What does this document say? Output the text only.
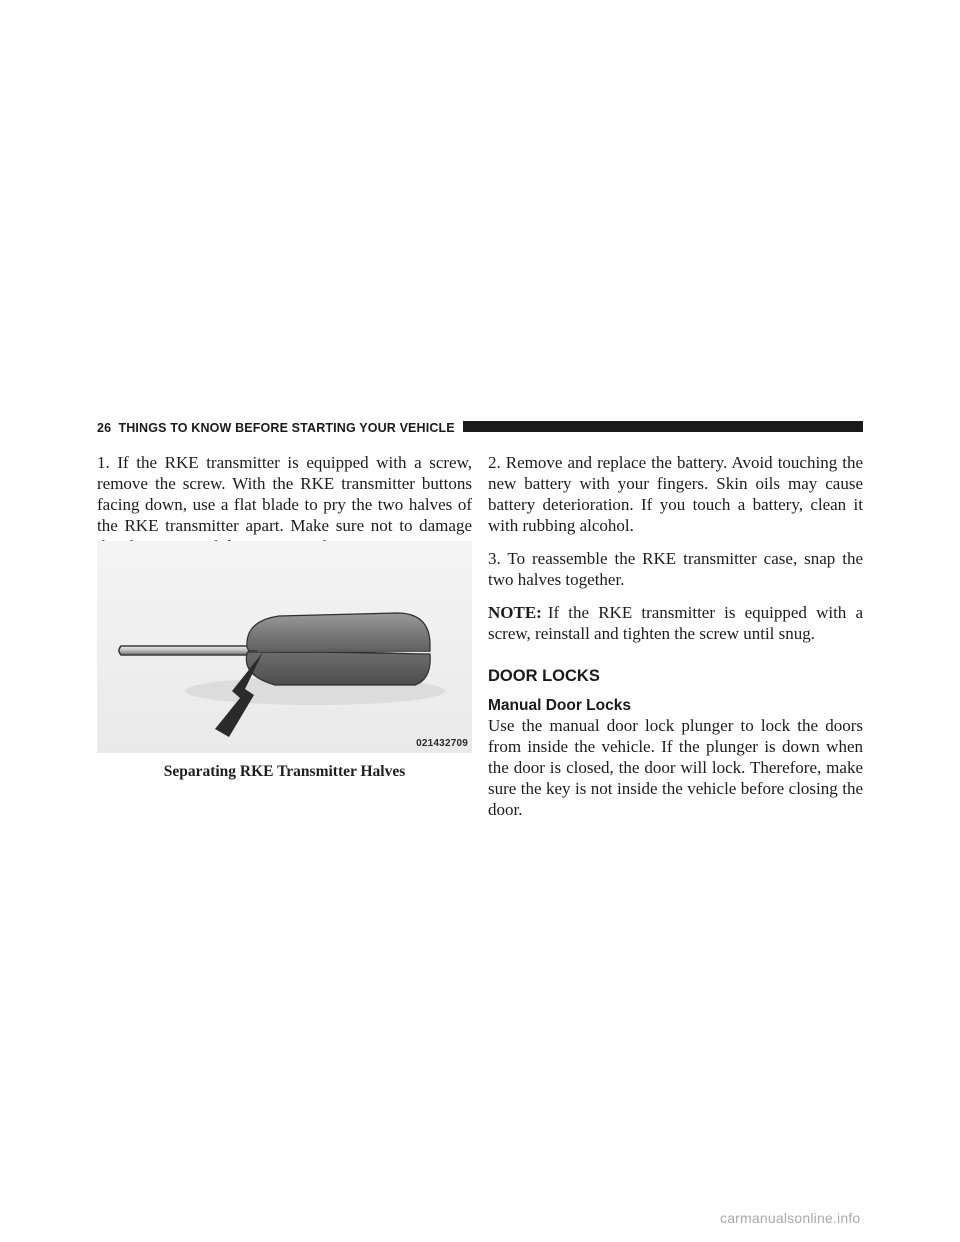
26 THINGS TO KNOW BEFORE STARTING YOUR VEHICLE

1. If the RKE transmitter is equipped with a screw, remove the screw. With the RKE transmitter buttons facing down, use a flat blade to pry the two halves of the RKE transmitter apart. Make sure not to damage

021432709
Separating RKE Transmitter Halves

2. Remove and replace the battery. Avoid touching the new battery with your fingers. Skin oils may cause battery deterioration. If you touch a battery, clean it with rubbing alcohol.

3. To reassemble the RKE transmitter case, snap the two halves together.

NOTE: If the RKE transmitter is equipped with a screw, reinstall and tighten the screw until snug.

DOOR LOCKS
Manual Door Locks

Use the manual door lock plunger to lock the doors from inside the vehicle. If the plunger is down when the door is closed, the door will lock. Therefore, make sure the key is not inside the vehicle before closing the door.

carmanualsonline.info
